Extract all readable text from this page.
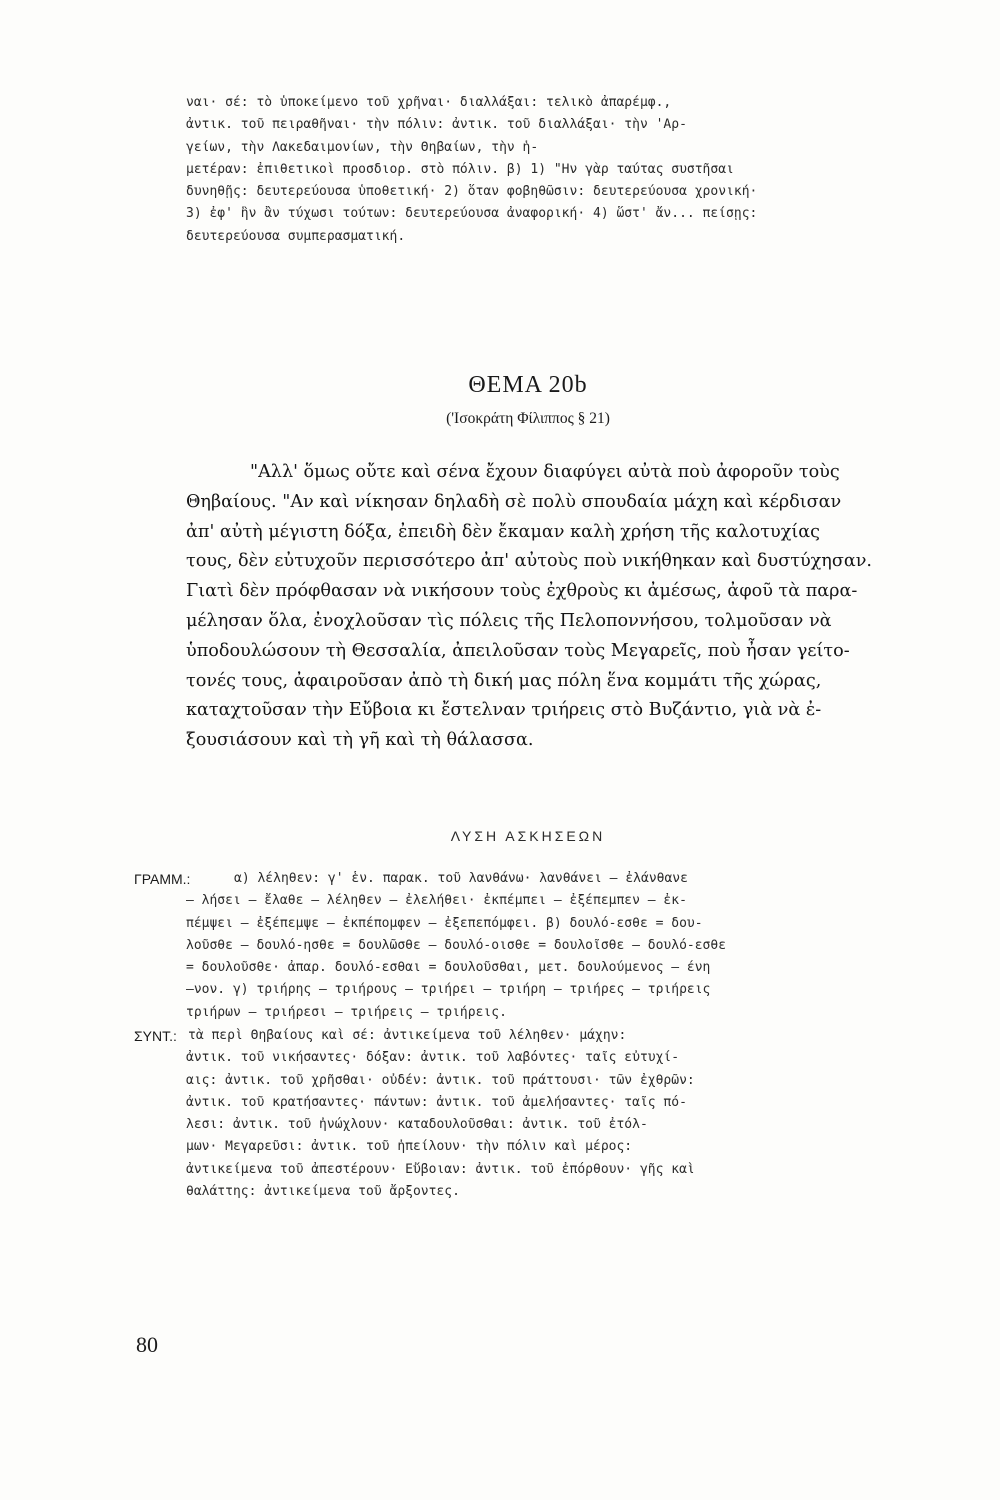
ναι· σέ: τὸ ὑποκείμενο τοῦ χρῆναι· διαλλάξαι: τελικὸ ἀπαρέμφ.,
ἀντικ. τοῦ πειραθῆναι· τὴν πόλιν: ἀντικ. τοῦ διαλλάξαι· τὴν 'Αρ-
γείων, τὴν Λακεδαιμονίων, τὴν Θηβαίων, τὴν ἡ-
μετέραν: ἐπιθετικοὶ προσδιορ. στὸ πόλιν. β) 1) "Ην γὰρ ταύτας συστῆσαι
δυνηθῇς: δευτερεύουσα ὑποθετική· 2) ὅταν φοβηθῶσιν: δευτερεύουσα χρονική·
3) ἐφ' ἣν ἂν τύχωσι τούτων: δευτερεύουσα ἀναφορική· 4) ὥστ' ἄν... πείσῃς:
δευτερεύουσα συμπερασματική.
ΘΕΜΑ 20b
('Ισοκράτη Φίλιππος § 21)
"Αλλ' ὅμως οὔτε καὶ σένα ἔχουν διαφύγει αὐτὰ ποὺ ἀφοροῦν τοὺς
Θηβαίους. "Αν καὶ νίκησαν δηλαδὴ σὲ πολὺ σπουδαία μάχη καὶ κέρδισαν
ἀπ' αὐτὴ μέγιστη δόξα, ἐπειδὴ δὲν ἔκαμαν καλὴ χρήση τῆς καλοτυχίας
τους, δὲν εὐτυχοῦν περισσότερο ἀπ' αὐτοὺς ποὺ νικήθηκαν καὶ δυστύχησαν.
Γιατὶ δὲν πρόφθασαν νὰ νικήσουν τοὺς ἐχθροὺς κι ἀμέσως, ἀφοῦ τὰ παρα-
μέλησαν ὅλα, ἐνοχλοῦσαν τὶς πόλεις τῆς Πελοποννήσου, τολμοῦσαν νὰ
ὑποδουλώσουν τὴ Θεσσαλία, ἀπειλοῦσαν τοὺς Μεγαρεῖς, ποὺ ἦσαν γείτο-
τονές τους, ἀφαιροῦσαν ἀπὸ τὴ δική μας πόλη ἕνα κομμάτι τῆς χώρας,
καταχτοῦσαν τὴν Εὔβοια κι ἔστελναν τριήρεις στὸ Βυζάντιο, γιὰ νὰ ἐ-
ξουσιάσουν καὶ τὴ γῆ καὶ τὴ θάλασσα.
ΛΥΣΗ ΑΣΚΗΣΕΩΝ
ΓΡΑΜΜ.:	α) λέληθεν: γ' ἑν. παρακ. τοῦ λανθάνω· λανθάνει — ἐλάνθανε
— λήσει — ἔλαθε — λέληθεν — ἐλελήθει· ἐκπέμπει — ἐξέπεμπεν — ἐκ-
πέμψει — ἐξέπεμψε — ἐκπέπομφεν — ἐξεπεπόμφει. β) δουλό-εσθε = δου-
λοῦσθε — δουλό-ησθε = δουλῶσθε — δουλό-οισθε = δουλοῖσθε — δουλό-εσθε
= δουλοῦσθε· ἀπαρ. δουλό-εσθαι = δουλοῦσθαι, μετ. δουλούμενος — ένη
—νον. γ) τριήρης — τριήρους — τριήρει — τριήρη — τριήρες — τριήρεις
τριήρων — τριήρεσι — τριήρεις — τριήρεις.
ΣΥΝΤ.: τὰ περὶ Θηβαίους καὶ σέ: ἀντικείμενα τοῦ λέληθεν· μάχην:
ἀντικ. τοῦ νικήσαντες· δόξαν: ἀντικ. τοῦ λαβόντες· ταῖς εὐτυχί-
αις: ἀντικ. τοῦ χρῆσθαι· οὐδέν: ἀντικ. τοῦ πράττουσι· τῶν ἐχθρῶν:
ἀντικ. τοῦ κρατήσαντες· πάντων: ἀντικ. τοῦ ἀμελήσαντες· ταῖς πό-
λεσι: ἀντικ. τοῦ ἠνώχλουν· καταδουλοῦσθαι: ἀντικ. τοῦ ἐτόλ-
μων· Μεγαρεῦσι: ἀντικ. τοῦ ἠπείλουν· τὴν πόλιν καὶ μέρος:
ἀντικείμενα τοῦ ἀπεστέρουν· Εὔβοιαν: ἀντικ. τοῦ ἐπόρθουν· γῆς καὶ
θαλάττης: ἀντικείμενα τοῦ ἄρξοντες.
80
